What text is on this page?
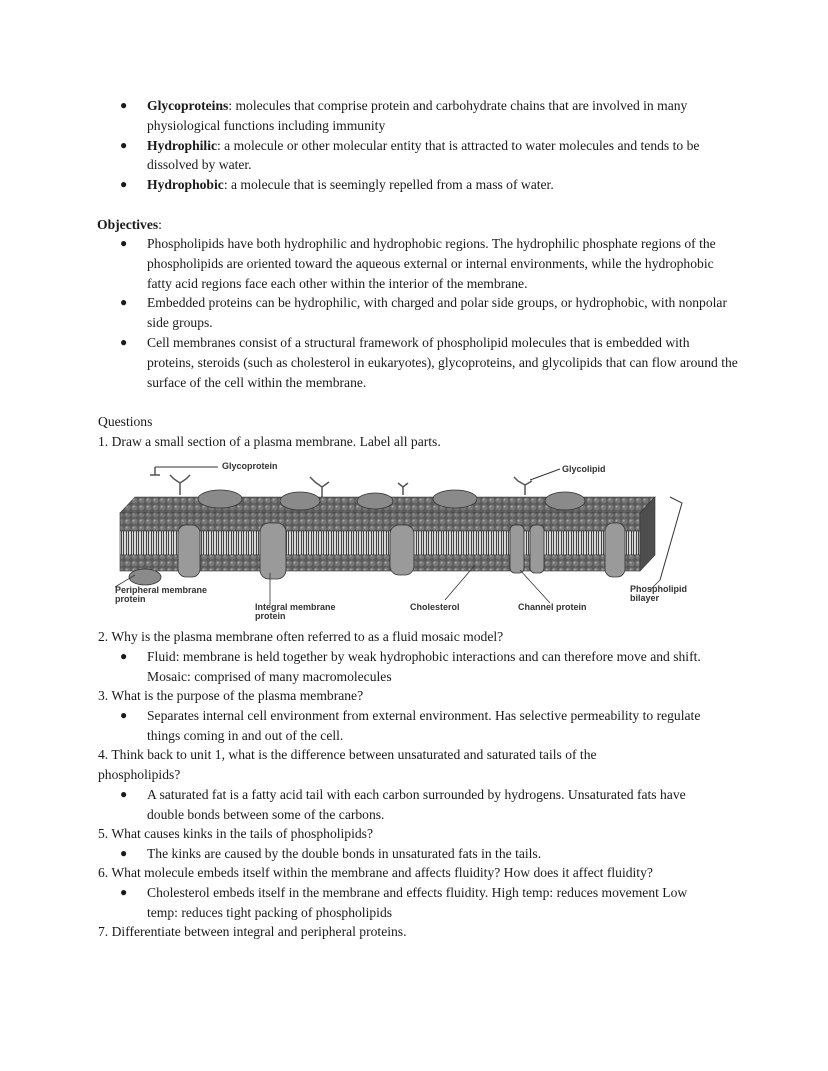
●	Glycoproteins: molecules that comprise protein and carbohydrate chains that are involved in many physiological functions including immunity
●	Hydrophilic: a molecule or other molecular entity that is attracted to water molecules and tends to be dissolved by water.
●	Hydrophobic: a molecule that is seemingly repelled from a mass of water.
Objectives:
●	Phospholipids have both hydrophilic and hydrophobic regions. The hydrophilic phosphate regions of the phospholipids are oriented toward the aqueous external or internal environments, while the hydrophobic fatty acid regions face each other within the interior of the membrane.
●	Embedded proteins can be hydrophilic, with charged and polar side groups, or hydrophobic, with nonpolar side groups.
●	Cell membranes consist of a structural framework of phospholipid molecules that is embedded with proteins, steroids (such as cholesterol in eukaryotes), glycoproteins, and glycolipids that can flow around the surface of the cell within the membrane.
Questions
1. Draw a small section of a plasma membrane. Label all parts.
Glycoprotein	Glycolipid
Peripheral membrane
protein
Integral membrane
protein
Cholesterol	Channel protein
Phospholipid
bilayer
2. Why is the plasma membrane often referred to as a fluid mosaic model?
●	Fluid: membrane is held together by weak hydrophobic interactions and can therefore move and shift. Mosaic: comprised of many macromolecules
3. What is the purpose of the plasma membrane?
●	Separates internal cell environment from external environment. Has selective permeability to regulate things coming in and out of the cell.
4. Think back to unit 1, what is the difference between unsaturated and saturated tails of the phospholipids?
●	A saturated fat is a fatty acid tail with each carbon surrounded by hydrogens. Unsaturated fats have double bonds between some of the carbons.
5. What causes kinks in the tails of phospholipids?
●	The kinks are caused by the double bonds in unsaturated fats in the tails.
6. What molecule embeds itself within the membrane and affects fluidity? How does it affect fluidity?
●	Cholesterol embeds itself in the membrane and effects fluidity. High temp: reduces movement Low temp: reduces tight packing of phospholipids
7. Differentiate between integral and peripheral proteins.
